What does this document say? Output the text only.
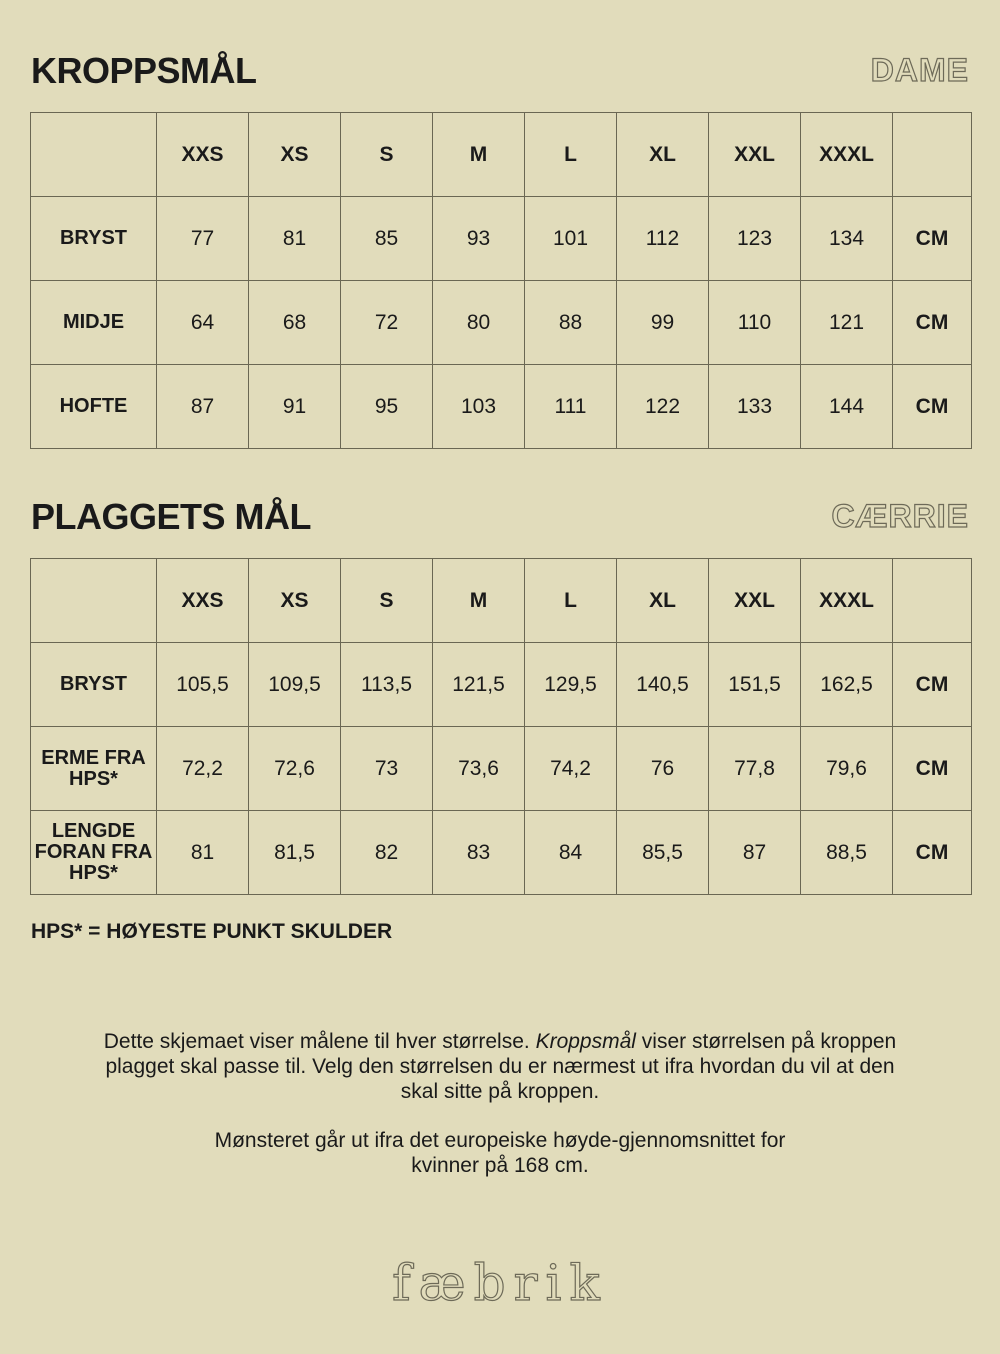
KROPPSMÅL	DAME
	XXS	XS	S	M	L	XL	XXL	XXXL	
BRYST	77	81	85	93	101	112	123	134	CM
MIDJE	64	68	72	80	88	99	110	121	CM
HOFTE	87	91	95	103	111	122	133	144	CM
PLAGGETS MÅL	CÆRRIE
	XXS	XS	S	M	L	XL	XXL	XXXL	
BRYST	105,5	109,5	113,5	121,5	129,5	140,5	151,5	162,5	CM
ERME FRA HPS*	72,2	72,6	73	73,6	74,2	76	77,8	79,6	CM
LENGDE FORAN FRA HPS*	81	81,5	82	83	84	85,5	87	88,5	CM
HPS* = HØYESTE PUNKT SKULDER

Dette skjemaet viser målene til hver størrelse. Kroppsmål viser størrelsen på kroppen plagget skal passe til. Velg den størrelsen du er nærmest ut ifra hvordan du vil at den skal sitte på kroppen.

Mønsteret går ut ifra det europeiske høyde-gjennomsnittet for kvinner på 168 cm.

fæbrik
